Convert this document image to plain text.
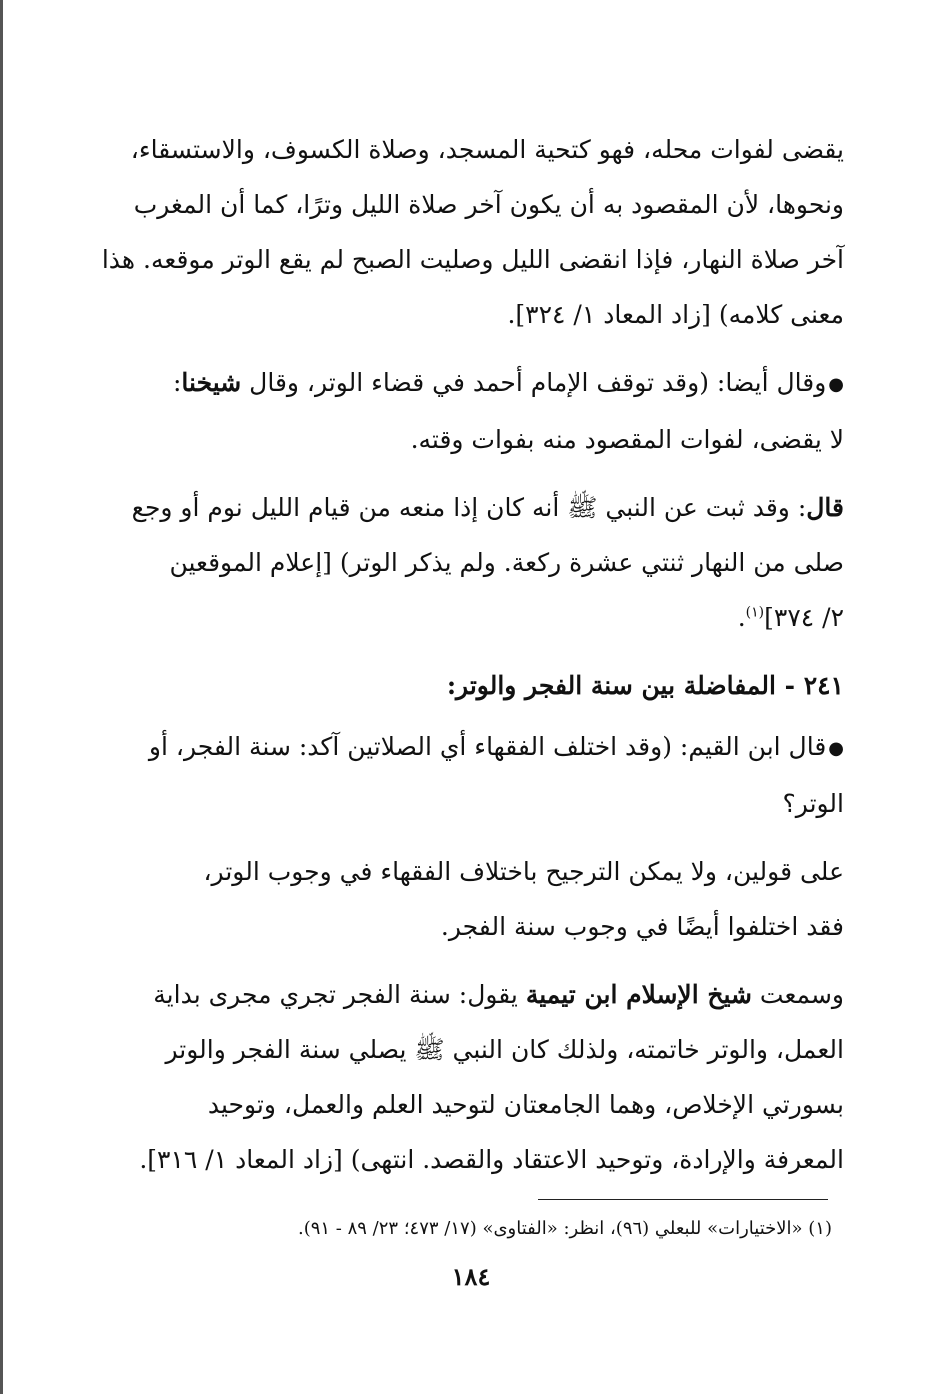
يقضى لفوات محله، فهو كتحية المسجد، وصلاة الكسوف، والاستسقاء،
ونحوها، لأن المقصود به أن يكون آخر صلاة الليل وترًا، كما أن المغرب
آخر صلاة النهار، فإذا انقضى الليل وصليت الصبح لم يقع الوتر موقعه. هذا
معنى كلامه) [زاد المعاد ١/ ٣٢٤].

●وقال أيضا: (وقد توقف الإمام أحمد في قضاء الوتر، وقال شيخنا:
لا يقضى، لفوات المقصود منه بفوات وقته.

قال: وقد ثبت عن النبي ﷺ أنه كان إذا منعه من قيام الليل نوم أو وجع
صلى من النهار ثنتي عشرة ركعة. ولم يذكر الوتر) [إعلام الموقعين
٢/ ٣٧٤]$^{(١)}$.

٢٤١ - المفاضلة بين سنة الفجر والوتر:

●قال ابن القيم: (وقد اختلف الفقهاء أي الصلاتين آكد: سنة الفجر، أو
الوتر؟

على قولين، ولا يمكن الترجيح باختلاف الفقهاء في وجوب الوتر،
فقد اختلفوا أيضًا في وجوب سنة الفجر.

وسمعت شيخ الإسلام ابن تيمية يقول: سنة الفجر تجري مجرى بداية
العمل، والوتر خاتمته، ولذلك كان النبي ﷺ يصلي سنة الفجر والوتر
بسورتي الإخلاص، وهما الجامعتان لتوحيد العلم والعمل، وتوحيد
المعرفة والإرادة، وتوحيد الاعتقاد والقصد. انتهى) [زاد المعاد ١/ ٣١٦].

(١) «الاختيارات» للبعلي (٩٦)، انظر: «الفتاوى» (١٧/ ٤٧٣؛ ٢٣/ ٨٩ - ٩١).
١٨٤
